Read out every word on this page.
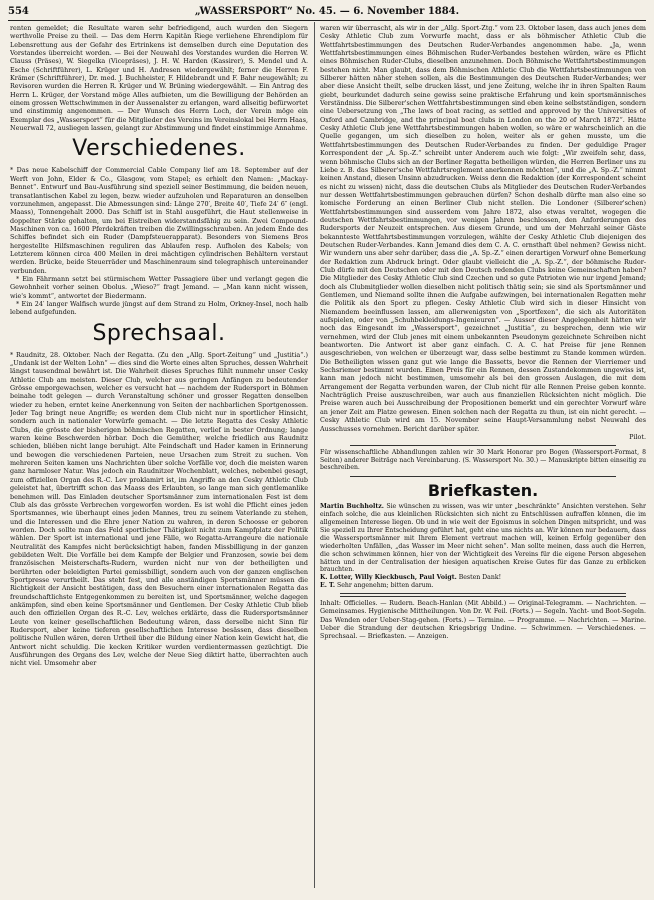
554	„WASSERSPORT“ No. 45. — 6. November 1884.

renten gemeldet; die Resultate waren sehr befriedigend, auch wurden den Siegern werthvolle Preise zu theil. — Das dem Herrn Kapitän Riege verliehene Ehrendiplom für Lebensrettung aus der Gefahr des Ertrinkens ist demselben durch eine Deputation des Vorstandes überreicht worden. — Bei der Neuwahl des Vorstandes wurden die Herren W. Clauss (Präses), W. Siegelka (Vicepräses), J. H. W. Harden (Kassirer), S. Mendel und A. Esche (Schriftführer), L. Krüger und H. Andresen wiedergewählt; ferner die Herren F. Krämer (Schriftführer), Dr. med. J. Buchheister, F. Hildebrandt und F. Bahr neugewählt; zu Revisoren wurden die Herren R. Krüger und W. Brüning wiedergewählt. — Ein Antrag des Herrn L. Krüger, der Vorstand möge Alles aufbieten, um die Bewilligung der Behörden an einem grossen Wettschwimmen in der Aussenalster zu erlangen, ward allseitig befürwortet und einstimmig angenommen. — Der Wunsch des Herrn Loch, der Verein möge ein Exemplar des „Wassersport“ für die Mitglieder des Vereins im Vereinslokal bei Herrn Haas, Neuerwall 72, ausliegen lassen, gelangt zur Abstimmung und findet einstimmige Annahme.

Verschiedenes.

* Das neue Kabelschiff der Commercial Cable Company lief am 18. September auf der Werft von John, Elder & Co., Glasgow, vom Stapel; es erhielt den Namen: „Mackay-Bennet“. Entwurf und Bau-Ausführung sind speziell seiner Bestimmung, die beiden neuen, transatlantischen Kabel zu legen, bezw. wieder aufzuholen und Reparaturen an denselben vorzunehmen, angepasst. Die Abmessungen sind: Länge 270′, Breite 40′, Tiefe 24′ 6″ (engl. Maass), Tonnengehalt 2000. Das Schiff ist in Stahl ausgeführt, die Haut stellenweise in doppelter Stärke gehalten, um bei Eistreiben widerstandsfähig zu sein. Zwei Compound-Maschinen von ca. 1600 Pferdekräften treiben die Zwillingsschrauben. An jedem Ende des Schiffes befindet sich ein Ruder (Dampfsteuerapparat). Besonders von Siemens Bros hergestellte Hilfsmaschinen reguliren das Ablaufen resp. Aufholen des Kabels; von Letzterem können circa 400 Meilen in drei mächtigen cylindrischen Behältern verstaut werden. Brücke, beide Steuerräder und Maschinenraum sind telegraphisch untereinander verbunden.

* Ein Fährmann setzt bei stürmischem Wetter Passagiere über und verlangt gegen die Gewohnheit vorher seinen Obolus. „Wieso?“ fragt Jemand. — „Man kann nicht wissen, wie's kommt“, antwortet der Biedermann.

* Ein 24′ langer Walfisch wurde jüngst auf dem Strand zu Holm, Orkney-Insel, noch halb lebend aufgefunden.

Sprechsaal.

* Raudnitz, 28. Oktober. Nach der Regatta. (Zu den „Allg. Sport-Zeitung“ und „Justitia“.) „Undank ist der Welten Lohn“ — dies sind die Worte eines alten Spruches, dessen Wahrheit längst tausendmal bewährt ist. Die Wahrheit dieses Spruches fühlt nunmehr unser Cesky Athletic Club am meisten. Dieser Club, welcher aus geringen Anfängen zu bedeutender Grösse emporgewachsen, welcher es versucht hat — nachdem der Rudersport in Böhmen beinahe todt gelegen — durch Veranstaltung schöner und grosser Regatten denselben wieder zu heben, erntet keine Anerkennung von Seiten der nachbarlichen Sportgenossen. Jeder Tag bringt neue Angriffe; es werden dem Club nicht nur in sportlicher Hinsicht, sondern auch in nationaler Vorwürfe gemacht. — Die letzte Regatta des Cesky Athletic Clubs, die grösste der bisherigen böhmischen Regatten, verlief in bester Ordnung; lange waren keine Beschwerden hörbar. Doch die Gemüther, welche friedlich aus Raudnitz schieden, bliében nicht lange beruhigt. Alte Feindschaft und Hader kamen in Erinnerung und bewogen die verschiedenen Parteien, neue Ursachen zum Streit zu suchen. Von mehreren Seiten kamen uns Nachrichten über solche Vorfälle vor, doch die meisten waren ganz harmloser Natur. Was jedoch ein Raudnitzer Wochenblatt, welches, nebenbei gesagt, zum offiziellen Organ des R.-C. Lev proklamirt ist, im Angriffe an den Cesky Athletic Club geleistet hat, übertrifft schon das Maass des Erlaubten, so lange man sich gentlemanlike benehmen will. Das Einladen deutscher Sportsmänner zum internationalen Fest ist dem Club als das grösste Verbrechen vorgeworfen worden. Es ist wohl die Pflicht eines jeden Sportsmannes, wie überhaupt eines jeden Mannes, treu zu seinem Vaterlande zu stehen, und die Interessen und die Ehre jener Nation zu wahren, in deren Schoosse er geboren worden. Doch sollte man das Feld sportlicher Thätigkeit nicht zum Kampfplatz der Politik wählen. Der Sport ist international und jene Fälle, wo Regatta-Arrangeure die nationale Neutralität des Kampfes nicht berücksichtigt haben, fanden Missbilligung in der ganzen gebildeten Welt. Die Vorfälle bei dem Kampfe der Belgier und Franzosen, sowie bei dem französischen Meisterschafts-Rudern, wurden nicht nur von der betheiligten und berührten oder beleidigten Partei gemissbilligt, sondern auch von der ganzen englischen Sportpresse verurtheilt. Das steht fest, und alle anständigen Sportsmänner müssen die Richtigkeit der Ansicht bestätigen, dass den Besuchern einer internationalen Regatta das freundschaftlichste Entgegenkommen zu bereiten ist, und Sportsmänner, welche dagegen ankämpfen, sind eben keine Sportsmänner und Gentlemen. Der Cesky Athletic Club blieb auch den offiziellen Organ des R.-C. Lev, welches erklärte, dass die Rudersportsmänner Leute von keiner gesellschaftlichen Bedeutung wären, dass derselbe nicht Sinn für Rudersport, aber keine tieferen gesellschaftlichen Interesse besässen, dass dieselben politische Nullen wären, deren Urtheil über die Bildung einer Nation kein Gewicht hat, die Antwort nicht schuldig. Die kecken Kritiker wurden verdientermassen gezüchtigt. Die Ausführungen des Organs des Lev, welche der Neue Sieg diktirt hatte, überrachten auch nicht viel. Umsomehr aber

waren wir überrascht, als wir in der „Allg. Sport-Ztg.“ vom 23. Oktober lasen, dass auch jenes dem Cesky Athletic Club zum Vorwurfe macht, dass er als böhmischer Athletic Club die Wettfahrtsbestimmungen des Deutschen Ruder-Verbandes angenommen habe. „Ja, wenn Wettfahrtsbestimmungen eines Böhmischen Ruder-Verbandes bestehen würden, wäre es Pflicht eines Böhmischen Ruder-Clubs, dieselben anzunehmen. Doch Böhmische Wettfahrtsbestimmungen bestehen nicht. Man glaubt, dass dem Böhmischen Athletic Club die Wettfahrtsbestimmungen von Silberer hätten näher stehen sollen, als die Bestimmungen des Deutschen Ruder-Verbandes; wer aber diese Ansicht theilt, selbe drucken lässt, und jene Zeitung, welche ihr in ihren Spalten Raum giebt, beurkundet dadurch seine gewiss seine praktische Erfahrung und kein sportsmännisches Verständniss. Die Silberer'schen Wettfahrtsbestimmungen sind eben keine selbstständigen, sondern eine Uebersetzung von „The laws of boat racing, as settled and approved by the Universities of Oxford and Cambridge, and the principal boat clubs in London on the 20 of March 1872“. Hätte Cesky Athletic Club jene Wettfahrtsbestimmungen haben wollen, so wäre er wahrscheinlich an die Quelle gegangen, um sich dieselben zu holen, weiter als er gehen musste, um die Wettfahrtsbestimmungen des Deutschen Ruder-Verbandes zu finden. Der geduldige Prager Korrespondent der „A. Sp.-Z.“ schreibt unter Anderem auch wie folgt: „Wir zweifeln sehr, dass, wenn böhmische Clubs sich an der Berliner Regatta betheiligen würden, die Herren Berliner uns zu Liebe z. B. das Silberer'sche Wettfahrtsreglement anerkennen möchten“, und die „A. Sp.-Z.“ nimmt keinen Anstand, diesen Unsinn abzudrucken. Weiss denn die Redaktion (der Korrespondent scheint es nicht zu wissen) nicht, dass die deutschen Clubs als Mitglieder des Deutschen Ruder-Verbandes nur dessen Wettfahrtsbestimmungen gebrauchen dürfen? Schon deshalb dürfte man also eine so komische Forderung an einen Berliner Club nicht stellen. Die Londoner (Silberer'schen) Wettfahrtsbestimmungen sind ausserdem vom Jahre 1872, also etwas veraltet, wogegen die deutschen Wettfahrtsbestimmungen, vor wenigen Jahren beschlossen, den Anforderungen des Rudersports der Neuzeit entsprechen. Aus diesem Grunde, und um der Mehrzahl seiner Gäste bekannteste Wettfahrtsbestimmungen vorzulegen, wählte der Cesky Athletic Club diejenigen des Deutschen Ruder-Verbandes. Kann Jemand dies dem C. A. C. ernsthaft übel nehmen? Gewiss nicht. Wir wundern uns aber sehr darüber, dass die „A. Sp.-Z.“ einen derartigen Vorwurf ohne Bemerkung der Redaktion zum Abdruck bringt. Oder glaubt vielleicht die „A. Sp.-Z.“, der böhmische Ruder-Club dürfe mit den Deutschen oder mit den Deutsch redenden Clubs keine Gemeinschaften haben? Die Mitglieder des Cesky Athletic Club sind Czechen und so gute Patrioten wie nur irgend Jemand; doch als Clubmitglieder wollen dieselben nicht politisch thätig sein; sie sind als Sportsmänner und Gentlemen, und Niemand sollte ihnen die Aufgabe aufzwingen, bei internationalen Regatten mehr die Politik als den Sport zu pflegen. Cesky Athletic Club wird sich in dieser Hinsicht von Niemandem beeinflussen lassen, am allerwenigsten von „Sportfexen“, die sich als Autoritäten aufspielen, oder von „Schuhbekleidungs-Ingenieuren“. — Ausser dieser Angelegenheit hätten wir noch das Eingesandt im „Wassersport“, gezeichnet „Justitia“, zu besprechen, denn wie wir vernehmen, wird der Club jenes mit einem unbekannten Pseudonym gezeichnete Schreiben nicht beantworten. Die Antwort ist aber ganz einfach. C. A. C. hat Preise für jene Rennen ausgeschrieben, von welchen er überzeugt war, dass selbe bestimmt zu Stande kommen würden. Die Betheiligten wissen ganz gut wie lange die Bassetts, bevor die Rennen der Vierriemer und Sechsriemer bestimmt wurden. Einen Preis für ein Rennen, dessen Zustandekommen ungewiss ist, kann man jedoch nicht bestimmen, umsomehr als bei den grossen Auslagen, die mit dem Arrangement der Regatta verbunden waren, der Club nicht für alle Rennen Preise geben konnte. Nachträglich Preise auszuschreiben, war auch aus finanziellen Rücksichten nicht möglich. Die Preise waren auch bei Ausschreibung der Propositionen bemerkt und ein gerechter Vorwurf wäre an jener Zeit am Platze gewesen. Einen solchen nach der Regatta zu thun, ist ein nicht gerecht. — Cesky Athletic Club wird am 15. November seine Haupt-Versammlung nebst Neuwahl des Ausschusses vornehmen. Bericht darüber später.

Pilot.

Für wissenschaftliche Abhandlungen zahlen wir 30 Mark Honorar pro Bogen (Wassersport-Format, 8 Seiten) anderer Beiträge nach Vereinbarung. (S. Wassersport No. 30.) — Manuskripte bitten einseitig zu beschreiben.

Briefkasten.

Martin Buchholtz. Sie wünschen zu wissen, was wir unter „beschränkte“ Ansichten verstehen. Sehr einfach solche, die aus kleinlichen Rücksichten sich nicht zu Entschlüssen aufraffen können, die im allgemeinen Interesse liegen. Ob und in wie weit der Egoismus in solchen Dingen mitspricht, und was Sie speziell zu Ihrer Entscheidung geführt hat, geht eine uns nichts an. Wir können nur bedauern, dass die Wassersportsmänner mit Ihrem Element vertraut machen will, keinen Erfolg gegenüber den wiederholten Unfällen, „das Wasser im Meer nicht sehen“. Man sollte meinen, dass auch die Herren, die schon schwimmen können, hier von der Wichtigkeit des Vereins für die eigene Person abgesehen hätten und in der Centralisation der hiesigen aquatischen Kreise Gutes für das Ganze zu erblicken brauchten.

K. Lotter, Willy Kieckbusch, Paul Voigt. Besten Dank!

E. T. Sehr angenehm; bitten darum.

Inhalt: Officielles. — Rudern. Beach-Hanlan (Mit Abbild.) — Original-Telegramm. — Nachrichten. — Gemeinsames. Hygienische Mittheilungen. Von Dr. W. Feil. (Forts.) — Segeln. Yacht- und Boot-Segeln. Das Wenden oder Ueber-Stag-gehen. (Forts.) — Termine. — Programme. — Nachrichten. — Marine. Ueber die Strandung der deutschen Kriegsbrigg Undine. — Schwimmen. — Verschiedenes. — Sprechsaal. — Briefkasten. — Anzeigen.
